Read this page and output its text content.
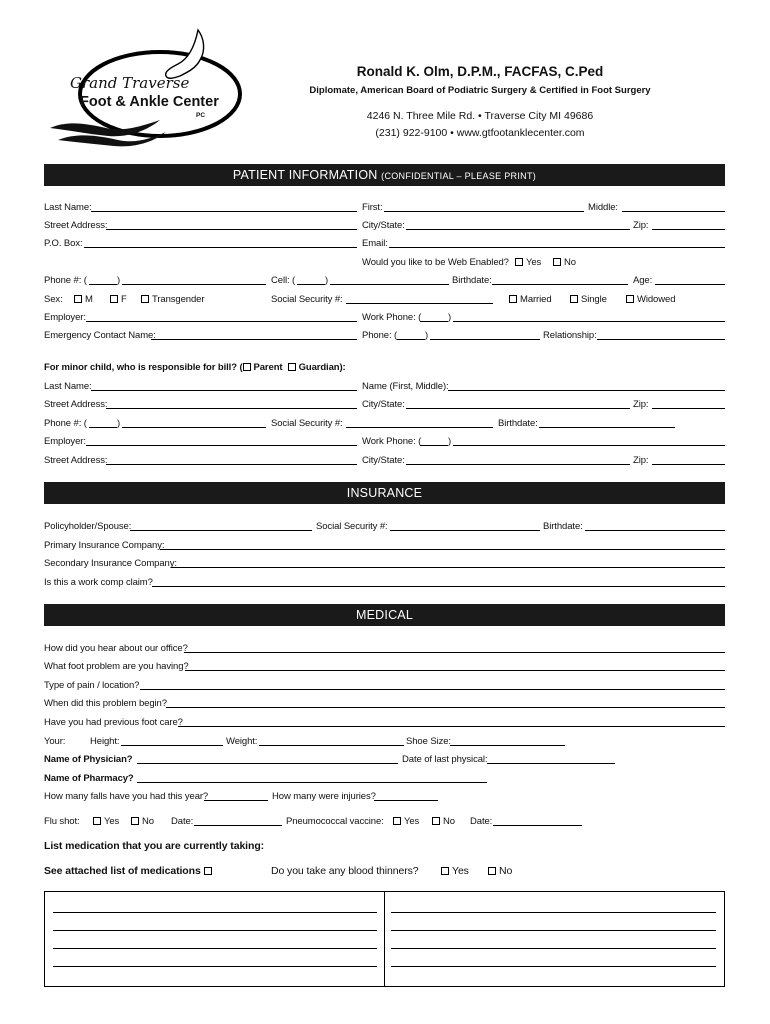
Grand Traverse
Foot & Ankle Center
PC
Ronald K. Olm, D.P.M., FACFAS, C.Ped
Diplomate, American Board of Podiatric Surgery & Certified in Foot Surgery
4246 N. Three Mile Rd. • Traverse City MI 49686
(231) 922-9100 • www.gtfootanklecenter.com
PATIENT INFORMATION (CONFIDENTIAL – PLEASE PRINT)
Last Name:	First:	Middle:
Street Address:	City/State:	Zip:
P.O. Box:	Email:
Would you like to be Web Enabled?	Yes	No
Phone #: (	)	Cell: (	)	Birthdate:	Age:
Sex:	M	F	Transgender	Social Security #:	Married	Single	Widowed
Employer:	Work Phone: (	)
Emergency Contact Name:	Phone: (	)	Relationship:
For minor child, who is responsible for bill? ( Parent Guardian):
Last Name:	Name (First, Middle):
Street Address:	City/State:	Zip:
Phone #: (	)	Social Security #:	Birthdate:
Employer:	Work Phone: (	)
Street Address:	City/State:	Zip:
INSURANCE
Policyholder/Spouse:	Social Security #:	Birthdate:
Primary Insurance Company:
Secondary Insurance Company:
Is this a work comp claim?
MEDICAL
How did you hear about our office?
What foot problem are you having?
Type of pain / location?
When did this problem begin?
Have you had previous foot care?
Your:	Height:	Weight:	Shoe Size:
Name of Physician?	Date of last physical:
Name of Pharmacy?
How many falls have you had this year?	How many were injuries?
Flu shot:	Yes	No Date:	Pneumococcal vaccine:	Yes	No Date:
List medication that you are currently taking:
See attached list of medications	Do you take any blood thinners?	Yes	No
